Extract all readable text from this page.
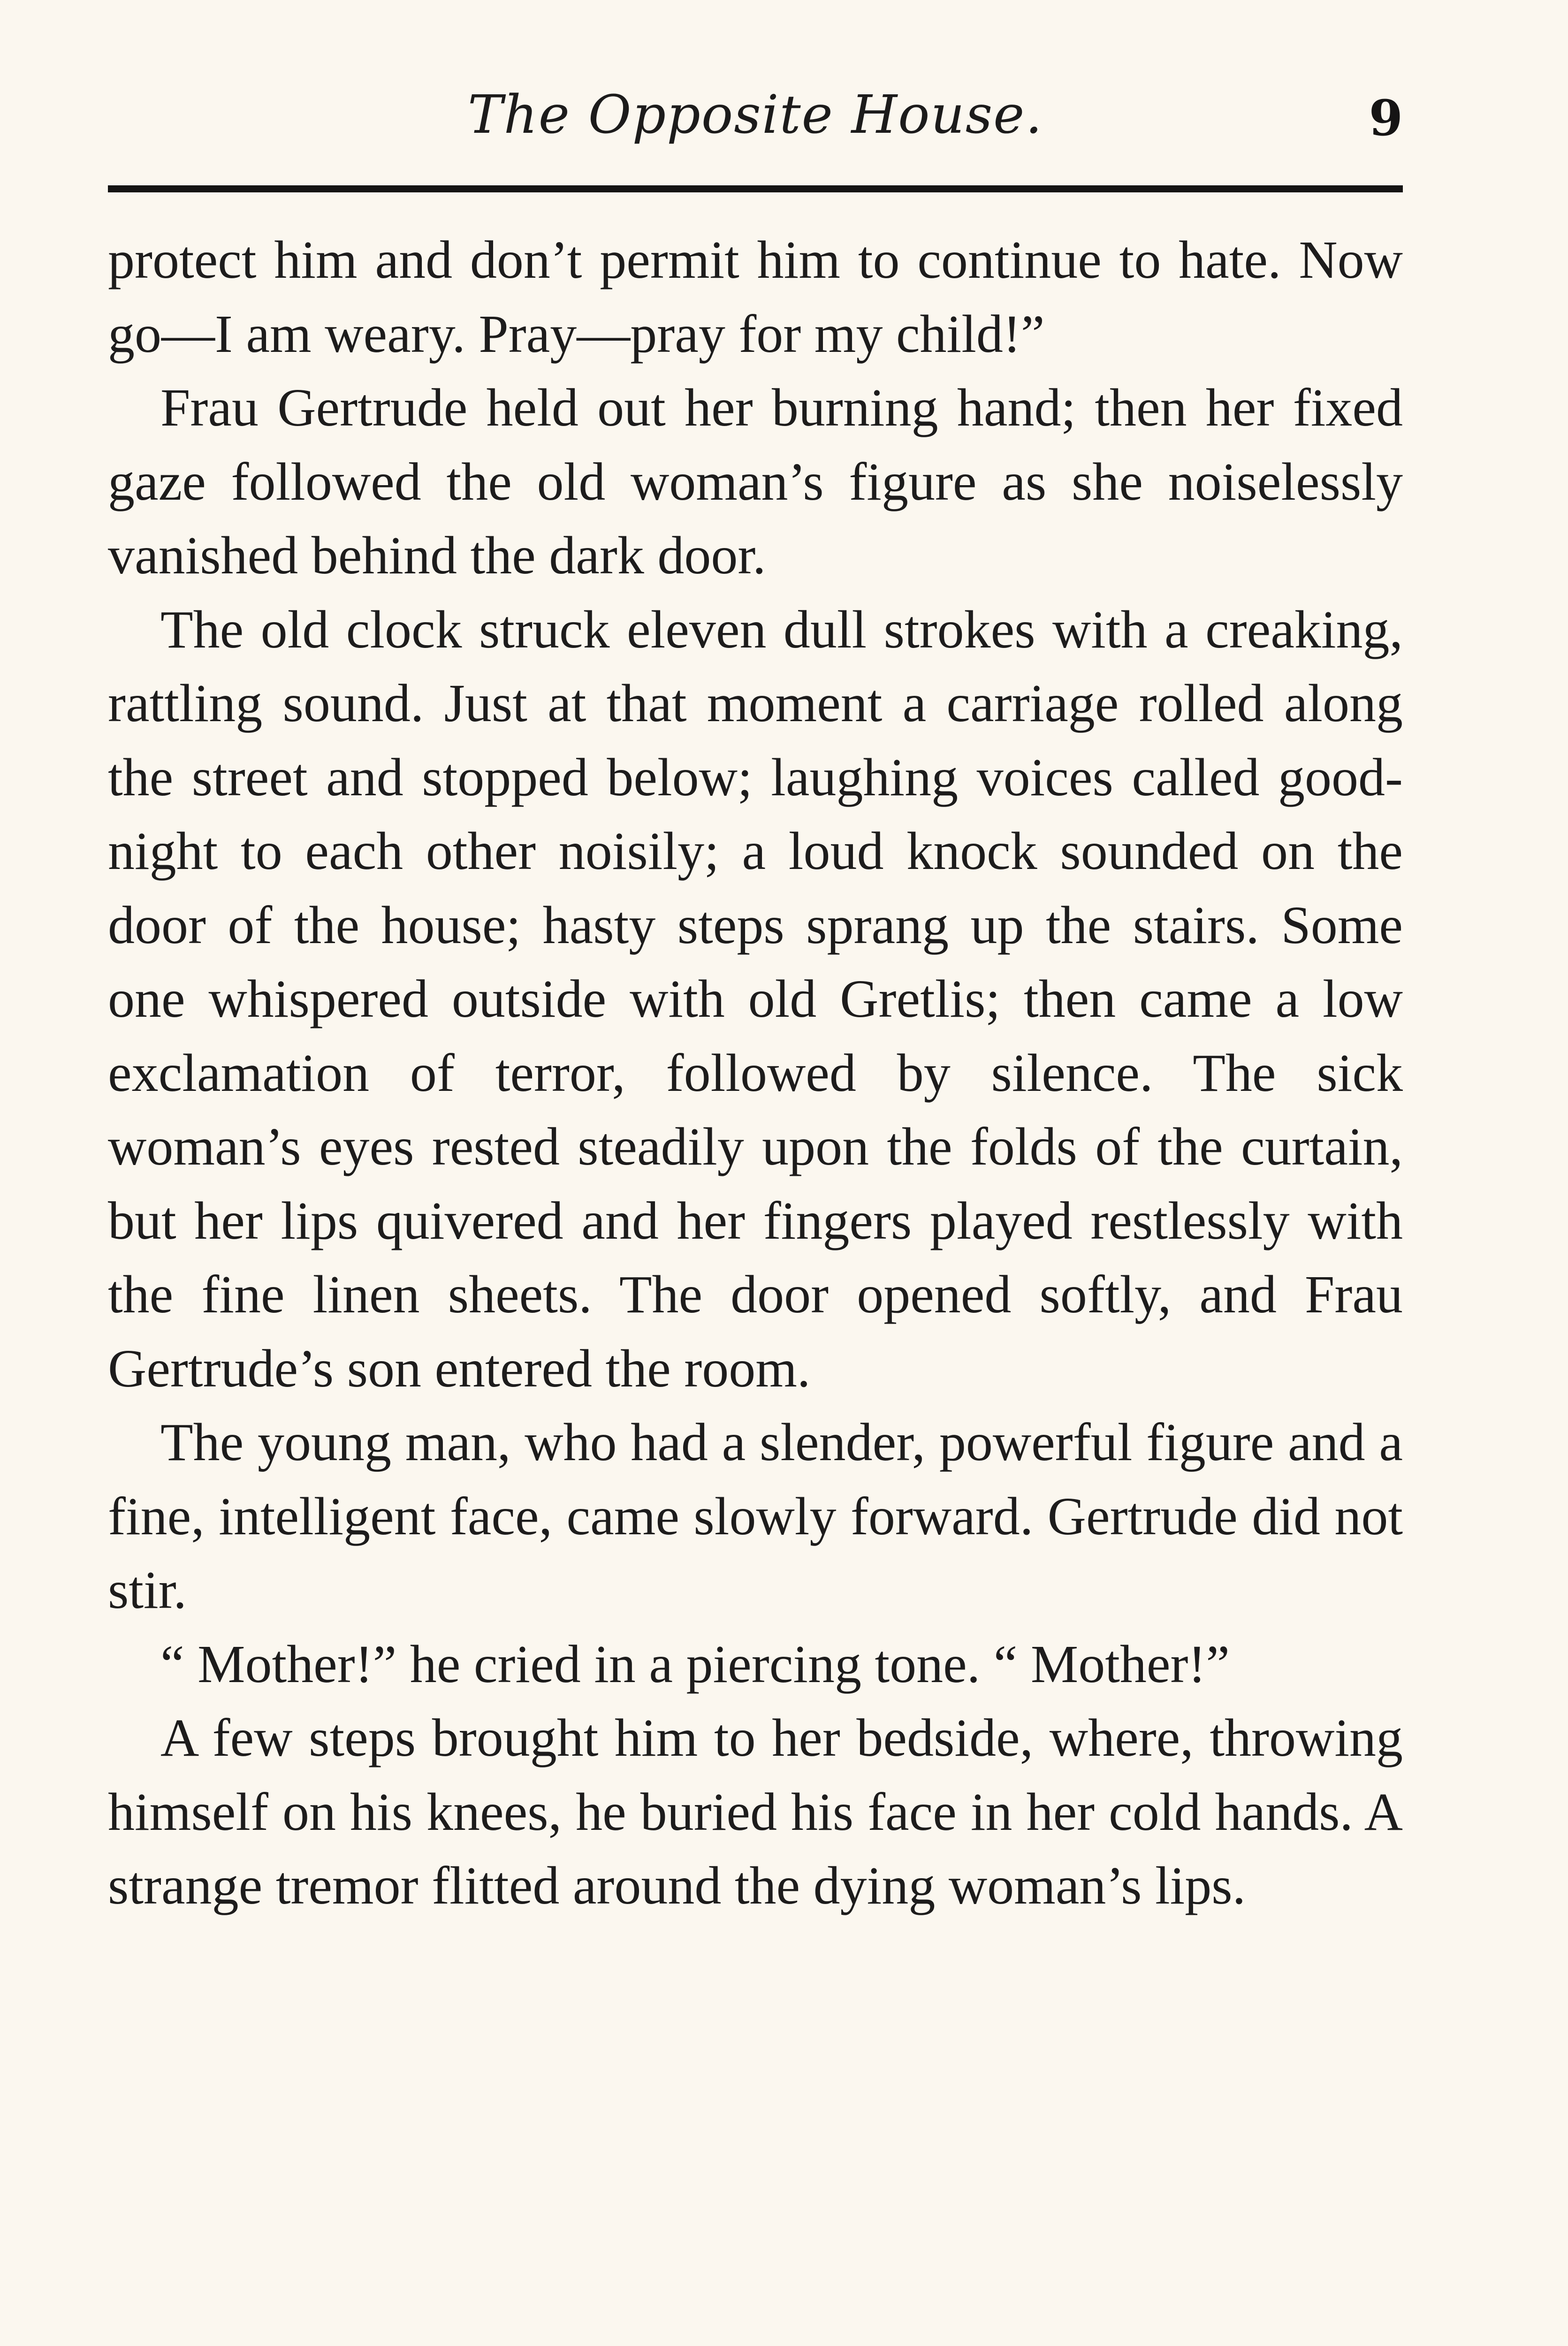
The Opposite House.	9

protect him and don’t permit him to continue to hate. Now go—I am weary. Pray—pray for my child!”

Frau Gertrude held out her burning hand; then her fixed gaze followed the old woman’s figure as she noiselessly vanished behind the dark door.

The old clock struck eleven dull strokes with a creaking, rattling sound. Just at that moment a carriage rolled along the street and stopped below; laughing voices called good-night to each other noisily; a loud knock sounded on the door of the house; hasty steps sprang up the stairs. Some one whispered outside with old Gretlis; then came a low exclamation of terror, followed by silence. The sick woman’s eyes rested steadily upon the folds of the curtain, but her lips quivered and her fingers played restlessly with the fine linen sheets. The door opened softly, and Frau Gertrude’s son entered the room.

The young man, who had a slender, powerful figure and a fine, intelligent face, came slowly forward. Gertrude did not stir.

“ Mother!” he cried in a piercing tone. “ Mother!”

A few steps brought him to her bedside, where, throwing himself on his knees, he buried his face in her cold hands. A strange tremor flitted around the dying woman’s lips.
